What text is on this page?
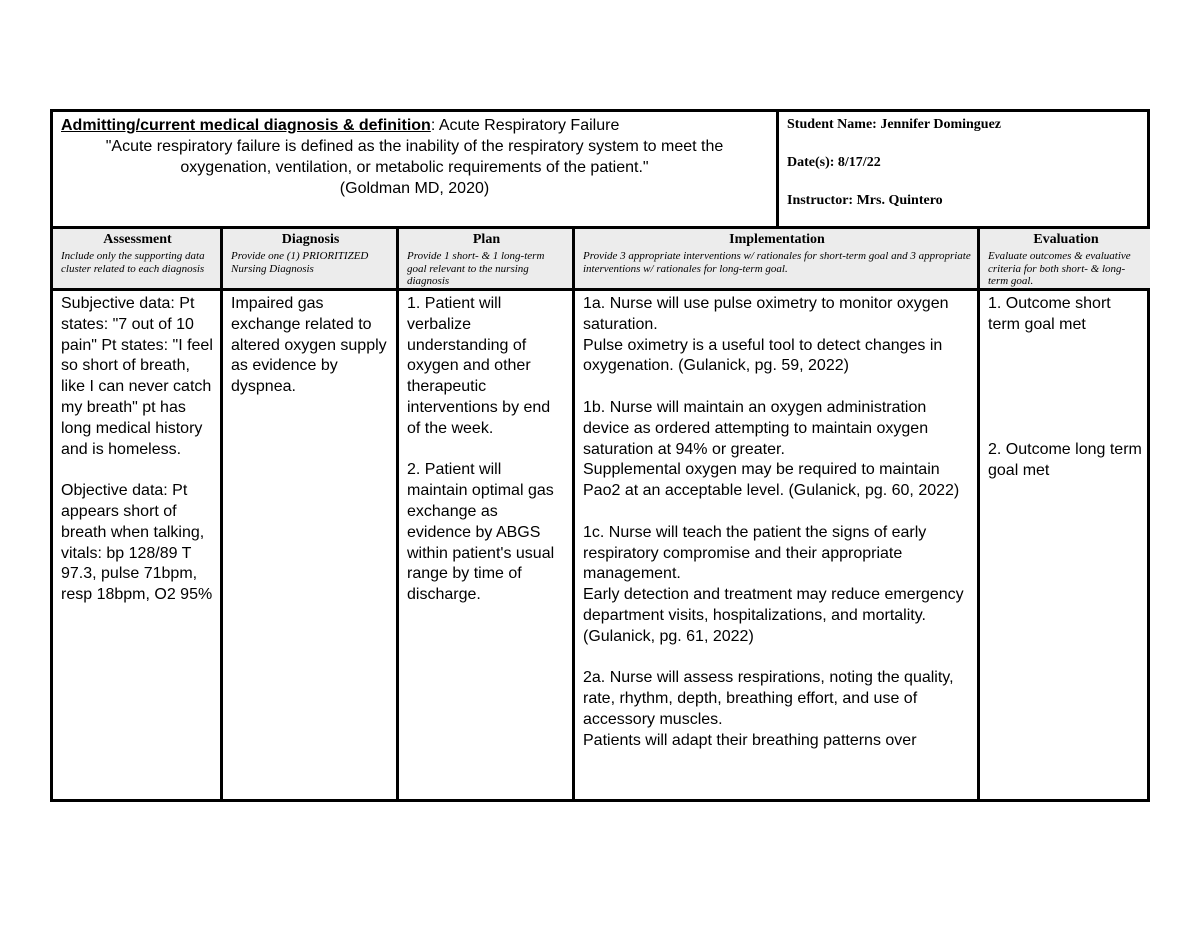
Admitting/current medical diagnosis & definition: Acute Respiratory Failure
"Acute respiratory failure is defined as the inability of the respiratory system to meet the
oxygenation, ventilation, or metabolic requirements of the patient."
(Goldman MD, 2020)
Student Name: Jennifer Dominguez
Date(s): 8/17/22
Instructor: Mrs. Quintero
Assessment
Include only the supporting data cluster related to each diagnosis

Subjective data: Pt states: "7 out of 10 pain" Pt states: "I feel so short of breath, like I can never catch my breath" pt has long medical history and is homeless.

Objective data: Pt appears short of breath when talking, vitals: bp 128/89 T 97.3, pulse 71bpm, resp 18bpm, O2 95%

Diagnosis
Provide one (1) PRIORITIZED Nursing Diagnosis

Impaired gas exchange related to altered oxygen supply as evidence by dyspnea.

Plan
Provide 1 short- & 1 long-term goal relevant to the nursing diagnosis

1. Patient will verbalize understanding of oxygen and other therapeutic interventions by end of the week.

2. Patient will maintain optimal gas exchange as evidence by ABGS within patient's usual range by time of discharge.

Implementation
Provide 3 appropriate interventions w/ rationales for short-term goal and 3 appropriate interventions w/ rationales for long-term goal.
1a. Nurse will use pulse oximetry to monitor oxygen saturation.

Pulse oximetry is a useful tool to detect changes in oxygenation. (Gulanick, pg. 59, 2022)

1b. Nurse will maintain an oxygen administration device as ordered attempting to maintain oxygen saturation at 94% or greater.

Supplemental oxygen may be required to maintain Pao2 at an acceptable level. (Gulanick, pg. 60, 2022)

1c. Nurse will teach the patient the signs of early respiratory compromise and their appropriate management.

Early detection and treatment may reduce emergency department visits, hospitalizations, and mortality. (Gulanick, pg. 61, 2022)

2a. Nurse will assess respirations, noting the quality, rate, rhythm, depth, breathing effort, and use of accessory muscles.
Patients will adapt their breathing patterns over
Evaluation
Evaluate outcomes & evaluative criteria for both short- & long-term goal.
1. Outcome short term goal met
2. Outcome long term goal met
